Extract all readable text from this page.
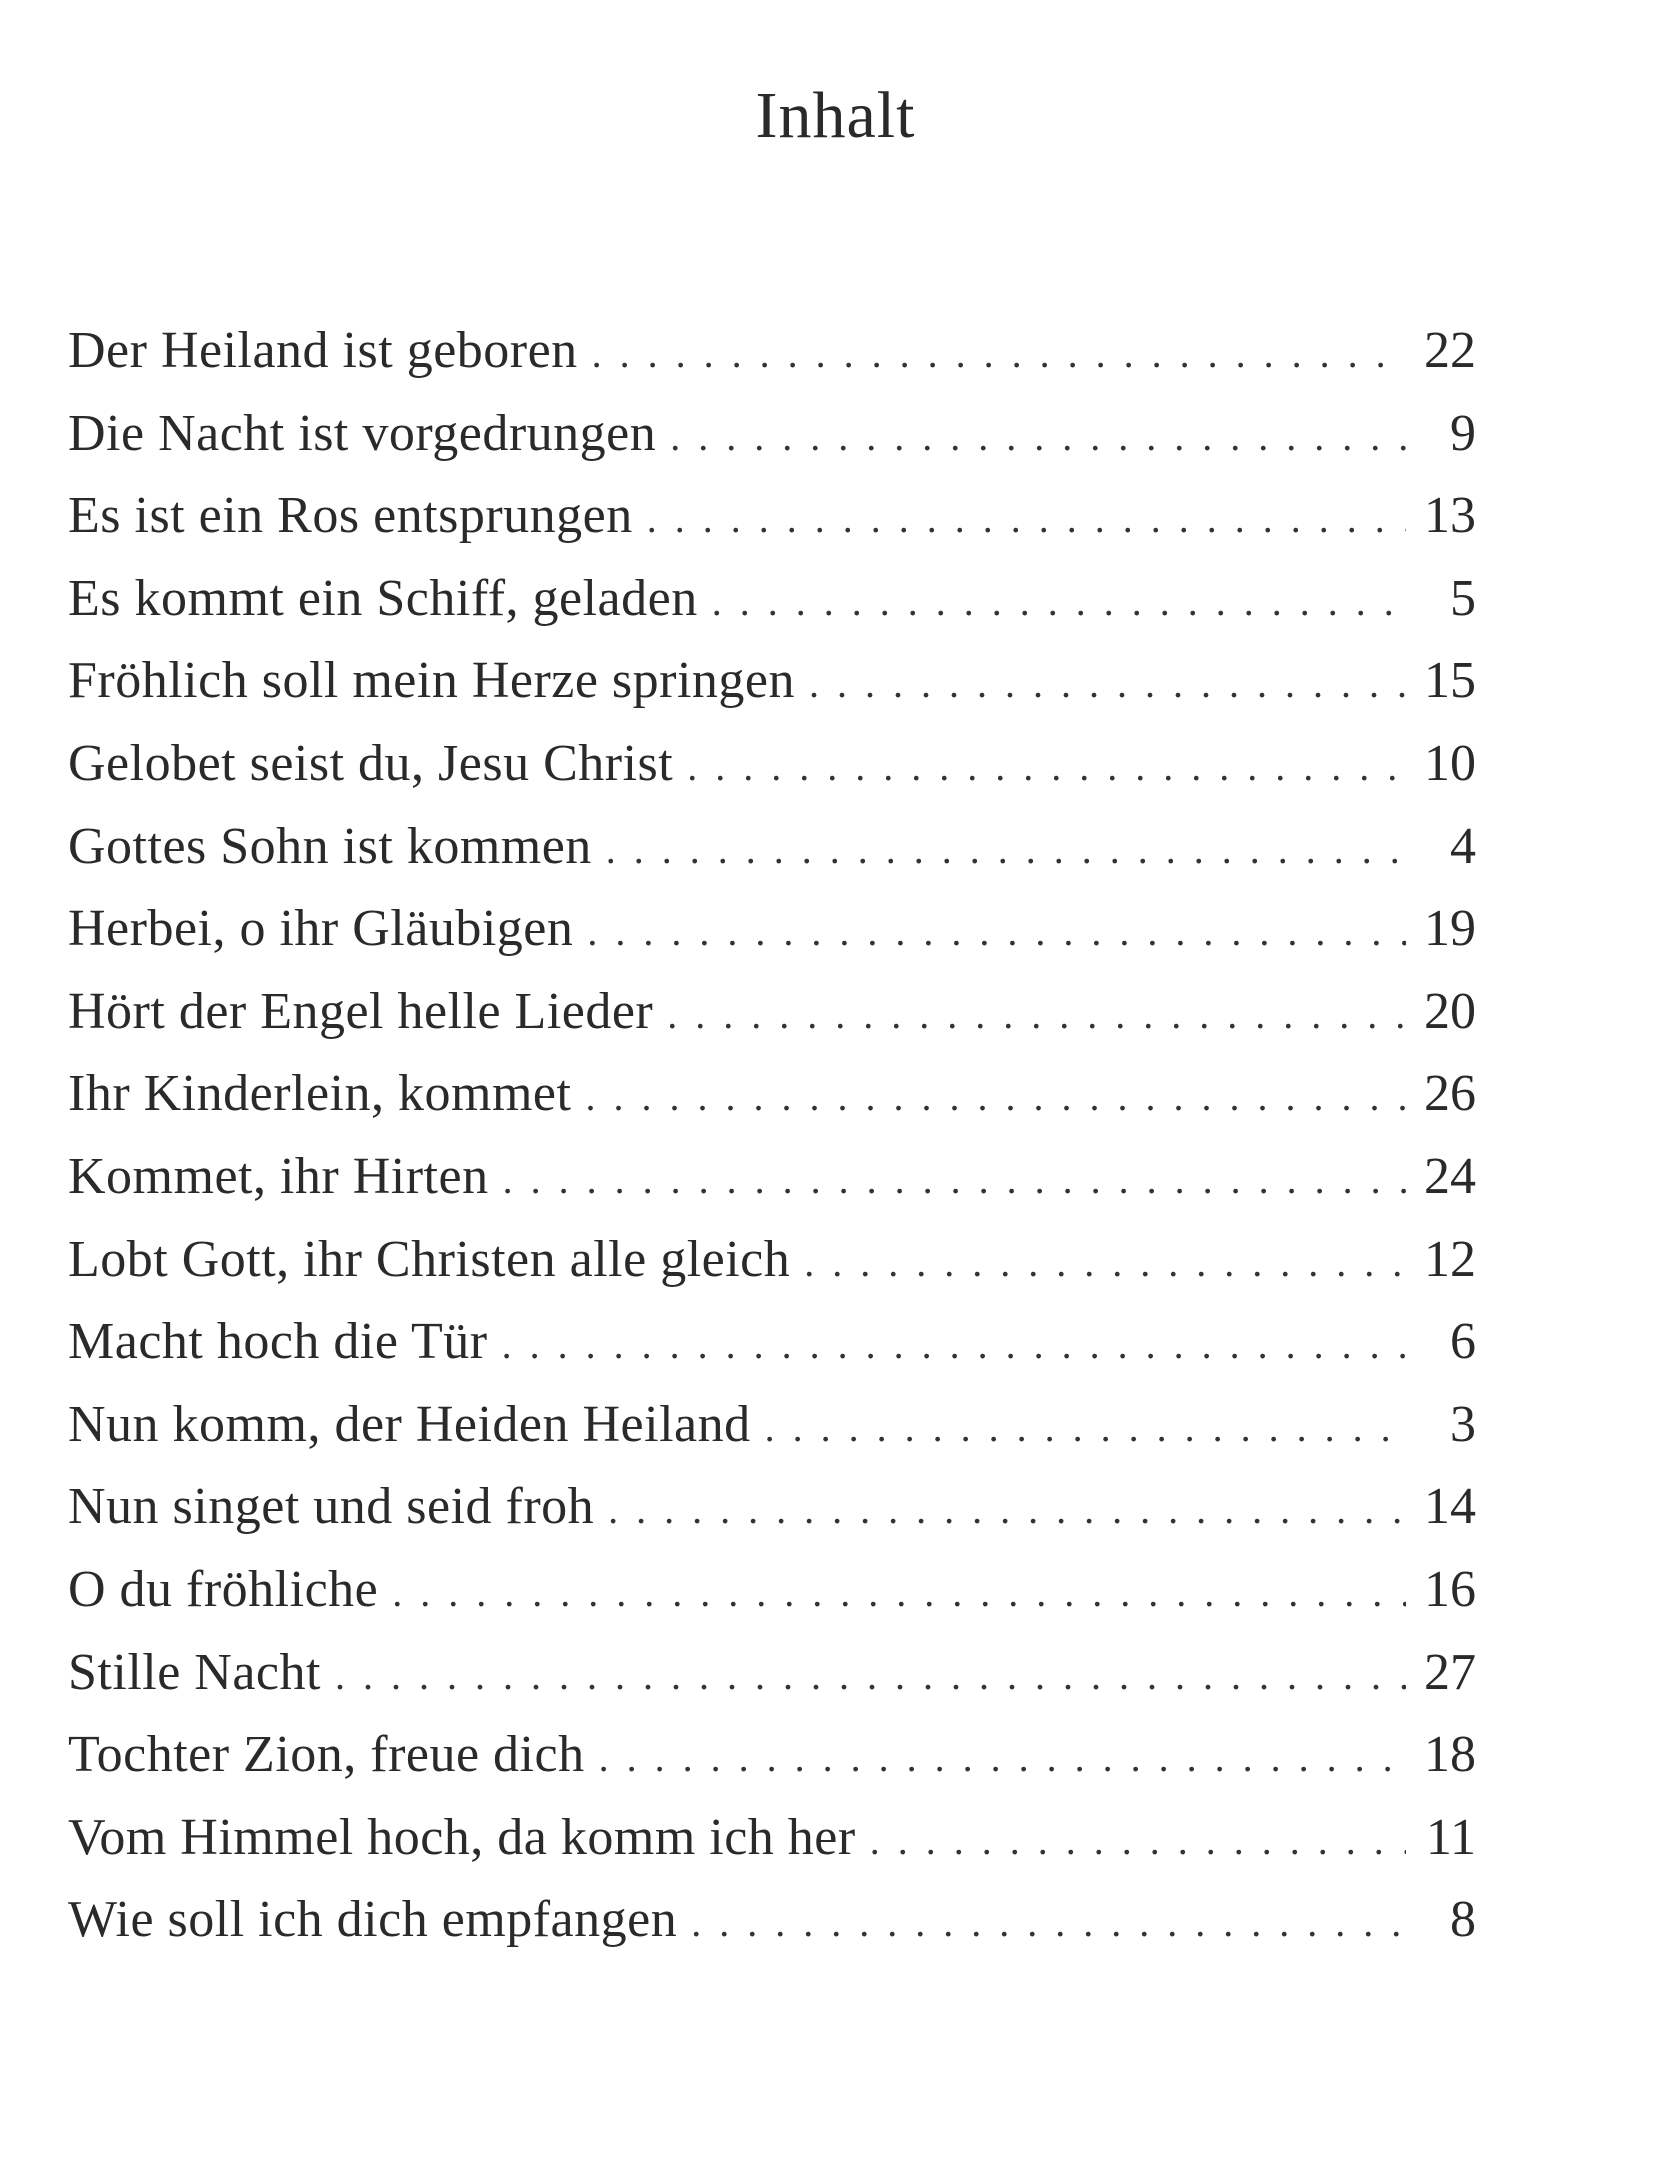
Inhalt
Der Heiland ist geboren . . .	22
Die Nacht ist vorgedrungen . . .	9
Es ist ein Ros entsprungen . . .	13
Es kommt ein Schiff, geladen . . .	5
Fröhlich soll mein Herze springen . . .	15
Gelobet seist du, Jesu Christ . . .	10
Gottes Sohn ist kommen . . .	4
Herbei, o ihr Gläubigen . . .	19
Hört der Engel helle Lieder . . .	20
Ihr Kinderlein, kommet . . .	26
Kommet, ihr Hirten . . .	24
Lobt Gott, ihr Christen alle gleich . . .	12
Macht hoch die Tür . . .	6
Nun komm, der Heiden Heiland . . .	3
Nun singet und seid froh . . .	14
O du fröhliche . . .	16
Stille Nacht . . .	27
Tochter Zion, freue dich . . .	18
Vom Himmel hoch, da komm ich her . . .	11
Wie soll ich dich empfangen . . .	8
